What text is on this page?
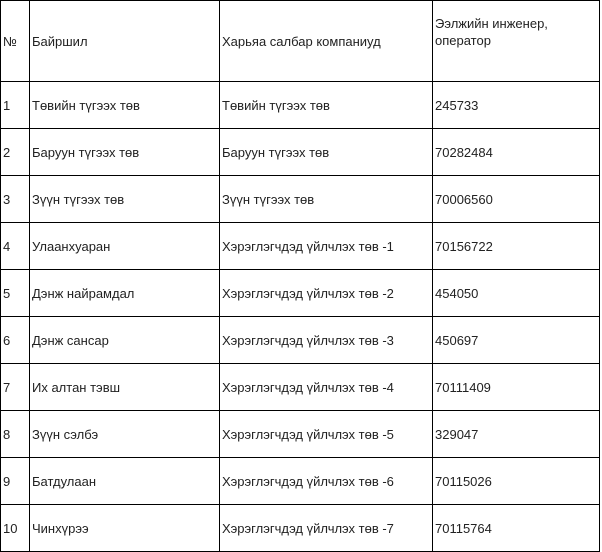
№	Байршил	Харьяа салбар компаниуд	Ээлжийн инженер, оператор
1	Төвийн түгээх төв	Төвийн түгээх төв	245733
2	Баруун түгээх төв	Баруун түгээх төв	70282484
3	Зүүн түгээх төв	Зүүн түгээх төв	70006560
4	Улаанхуаран	Хэрэглэгчдэд үйлчлэх төв -1	70156722
5	Дэнж найрамдал	Хэрэглэгчдэд үйлчлэх төв -2	454050
6	Дэнж сансар	Хэрэглэгчдэд үйлчлэх төв -3	450697
7	Их алтан тэвш	Хэрэглэгчдэд үйлчлэх төв -4	70111409
8	Зүүн сэлбэ	Хэрэглэгчдэд үйлчлэх төв -5	329047
9	Батдулаан	Хэрэглэгчдэд үйлчлэх төв -6	70115026
10	Чинхүрээ	Хэрэглэгчдэд үйлчлэх төв -7	70115764
